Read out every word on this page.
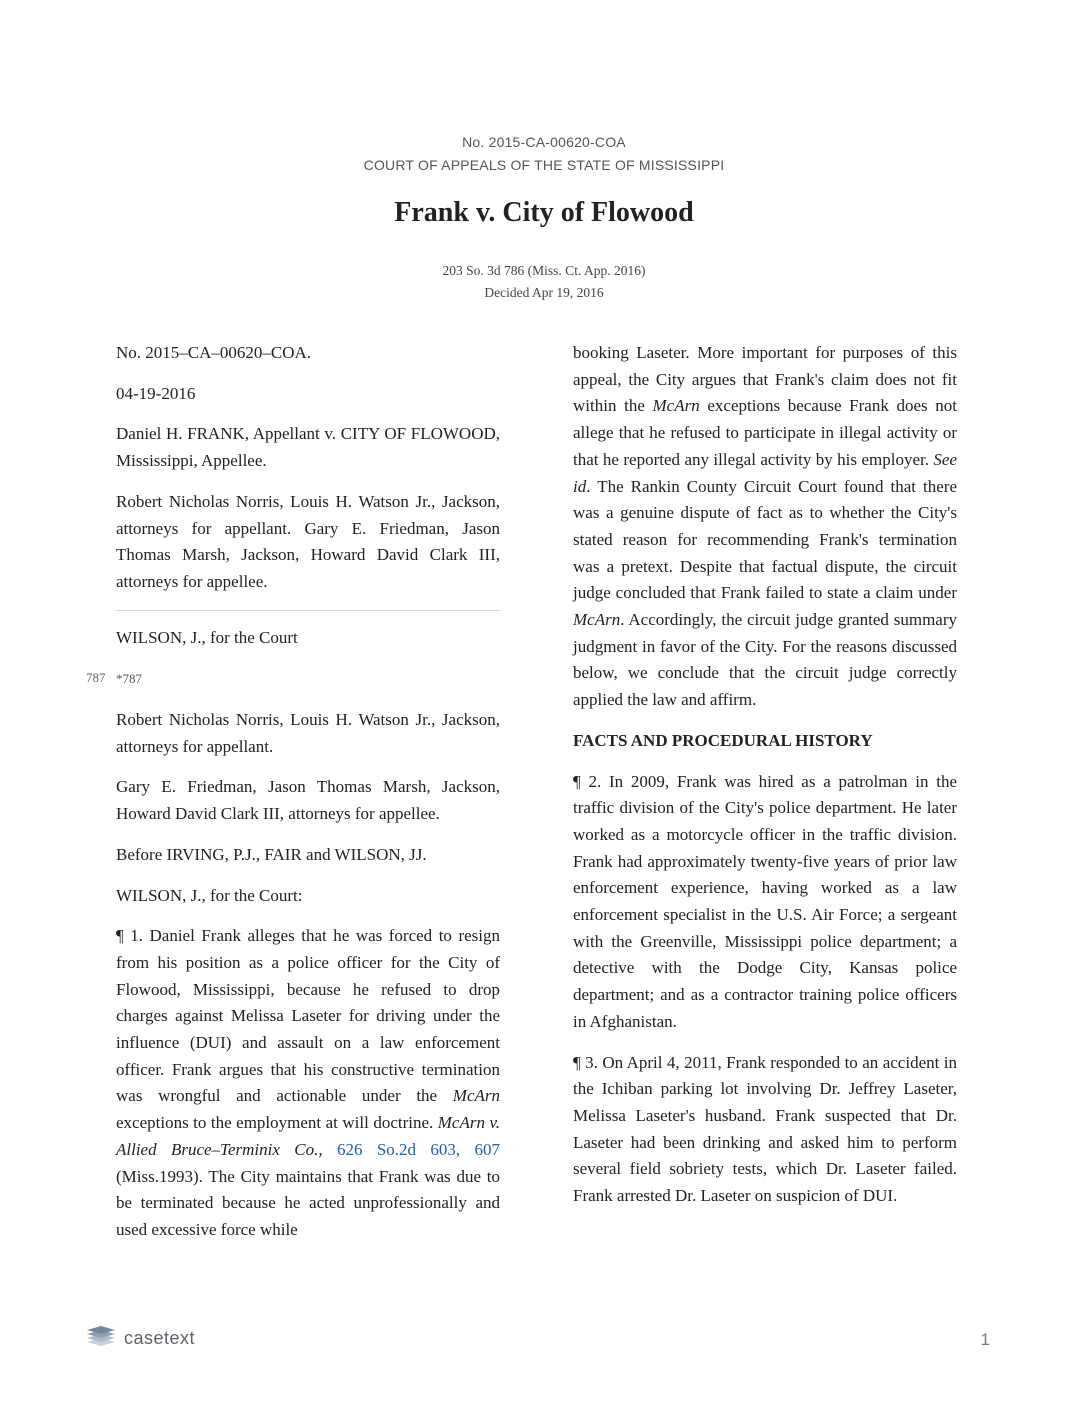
No. 2015-CA-00620-COA
COURT OF APPEALS OF THE STATE OF MISSISSIPPI
Frank v. City of Flowood
203 So. 3d 786 (Miss. Ct. App. 2016)
Decided Apr 19, 2016

No. 2015–CA–00620–COA.

04-19-2016

Daniel H. FRANK, Appellant v. CITY OF FLOWOOD, Mississippi, Appellee.

Robert Nicholas Norris, Louis H. Watson Jr., Jackson, attorneys for appellant. Gary E. Friedman, Jason Thomas Marsh, Jackson, Howard David Clark III, attorneys for appellee.

WILSON, J., for the Court

787 *787

Robert Nicholas Norris, Louis H. Watson Jr., Jackson, attorneys for appellant.

Gary E. Friedman, Jason Thomas Marsh, Jackson, Howard David Clark III, attorneys for appellee.

Before IRVING, P.J., FAIR and WILSON, JJ.

WILSON, J., for the Court:

¶ 1. Daniel Frank alleges that he was forced to resign from his position as a police officer for the City of Flowood, Mississippi, because he refused to drop charges against Melissa Laseter for driving under the influence (DUI) and assault on a law enforcement officer. Frank argues that his constructive termination was wrongful and actionable under the McArn exceptions to the employment at will doctrine. McArn v. Allied Bruce–Terminix Co., 626 So.2d 603, 607 (Miss.1993). The City maintains that Frank was due to be terminated because he acted unprofessionally and used excessive force while

booking Laseter. More important for purposes of this appeal, the City argues that Frank's claim does not fit within the McArn exceptions because Frank does not allege that he refused to participate in illegal activity or that he reported any illegal activity by his employer. See id. The Rankin County Circuit Court found that there was a genuine dispute of fact as to whether the City's stated reason for recommending Frank's termination was a pretext. Despite that factual dispute, the circuit judge concluded that Frank failed to state a claim under McArn. Accordingly, the circuit judge granted summary judgment in favor of the City. For the reasons discussed below, we conclude that the circuit judge correctly applied the law and affirm.

FACTS AND PROCEDURAL HISTORY

¶ 2. In 2009, Frank was hired as a patrolman in the traffic division of the City's police department. He later worked as a motorcycle officer in the traffic division. Frank had approximately twenty-five years of prior law enforcement experience, having worked as a law enforcement specialist in the U.S. Air Force; a sergeant with the Greenville, Mississippi police department; a detective with the Dodge City, Kansas police department; and as a contractor training police officers in Afghanistan.

¶ 3. On April 4, 2011, Frank responded to an accident in the Ichiban parking lot involving Dr. Jeffrey Laseter, Melissa Laseter's husband. Frank suspected that Dr. Laseter had been drinking and asked him to perform several field sobriety tests, which Dr. Laseter failed. Frank arrested Dr. Laseter on suspicion of DUI.

casetext	1
